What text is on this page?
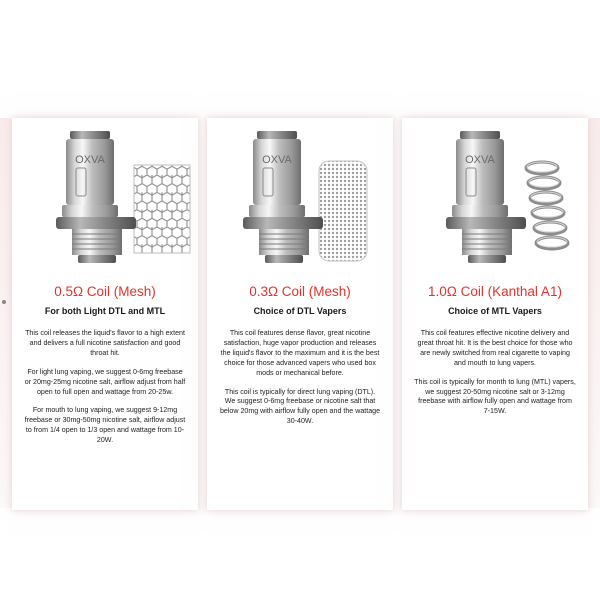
OXVA
0.5Ω Coil (Mesh)
For both Light DTL and MTL

This coil releases the liquid's flavor to a high extent and delivers a full nicotine satisfaction and good throat hit.

For light lung vaping, we suggest 0-6mg freebase or 20mg-25mg nicotine salt, airflow adjust from half open to full open and wattage from 20-25w.

For mouth to lung vaping, we suggest 9-12mg freebase or 30mg-50mg nicotine salt, airflow adjust to from 1/4 open to 1/3 open and wattage from 10-20W.

OXVA
0.3Ω Coil (Mesh)
Choice of DTL Vapers

This coil features dense flavor, great nicotine satisfaction, huge vapor production and releases the liquid's flavor to the maximum and it is the best choice for those advanced vapers who used box mods or mechanical before.

This coil is typically for direct lung vaping (DTL). We suggest 0-6mg freebase or nicotine salt that below 20mg with airflow fully open and the wattage 30-40W.

OXVA
1.0Ω Coil (Kanthal A1)
Choice of MTL Vapers

This coil features effective nicotine delivery and great throat hit. It is the best choice for those who are newly switched from real cigarette to vaping and mouth to lung vapers.

This coil is typically for month to lung (MTL) vapers, we suggest 20-50mg nicotine salt or 3-12mg freebase with airflow fully open and wattage from 7-15W.
